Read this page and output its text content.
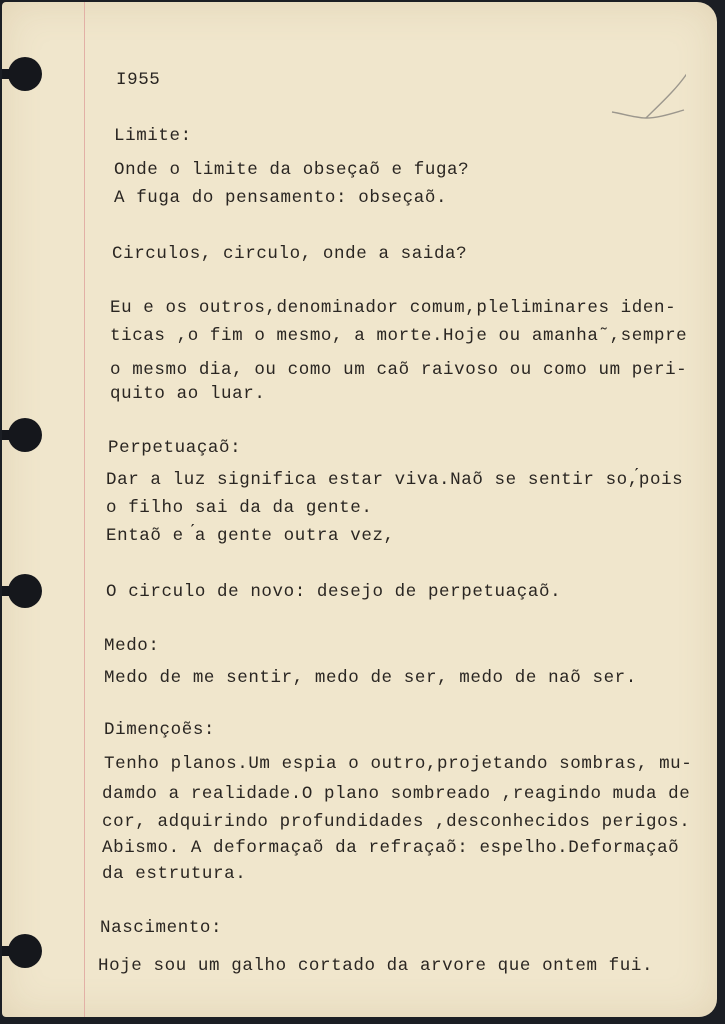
I955

Limite:

Onde o limite da obseçaõ e fuga?

A fuga do pensamento: obseçaõ.

Circulos, circulo, onde a saida?

Eu e os outros,denominador comum,pleliminares iden-

ticas ,o fim o mesmo, a morte.Hoje ou amanha˜,sempre

o mesmo dia, ou como um caõ raivoso ou como um peri-

quito ao luar.

Perpetuaçaõ:

Dar a luz significa estar viva.Naõ se sentir so,́pois

o filho sai da da gente.

Entaõ e ́a gente outra vez,

O circulo de novo: desejo de perpetuaçaõ.

Medo:

Medo de me sentir, medo de ser, medo de naõ ser.

Dimençoẽs:

Tenho planos.Um espia o outro,projetando sombras, mu-

damdo a realidade.O plano sombreado ,reagindo muda de

cor, adquirindo profundidades ,desconhecidos perigos.

Abismo. A deformaçaõ da refraçaõ: espelho.Deformaçaõ

da estrutura.

Nascimento:

Hoje sou um galho cortado da arvore que ontem fui.
